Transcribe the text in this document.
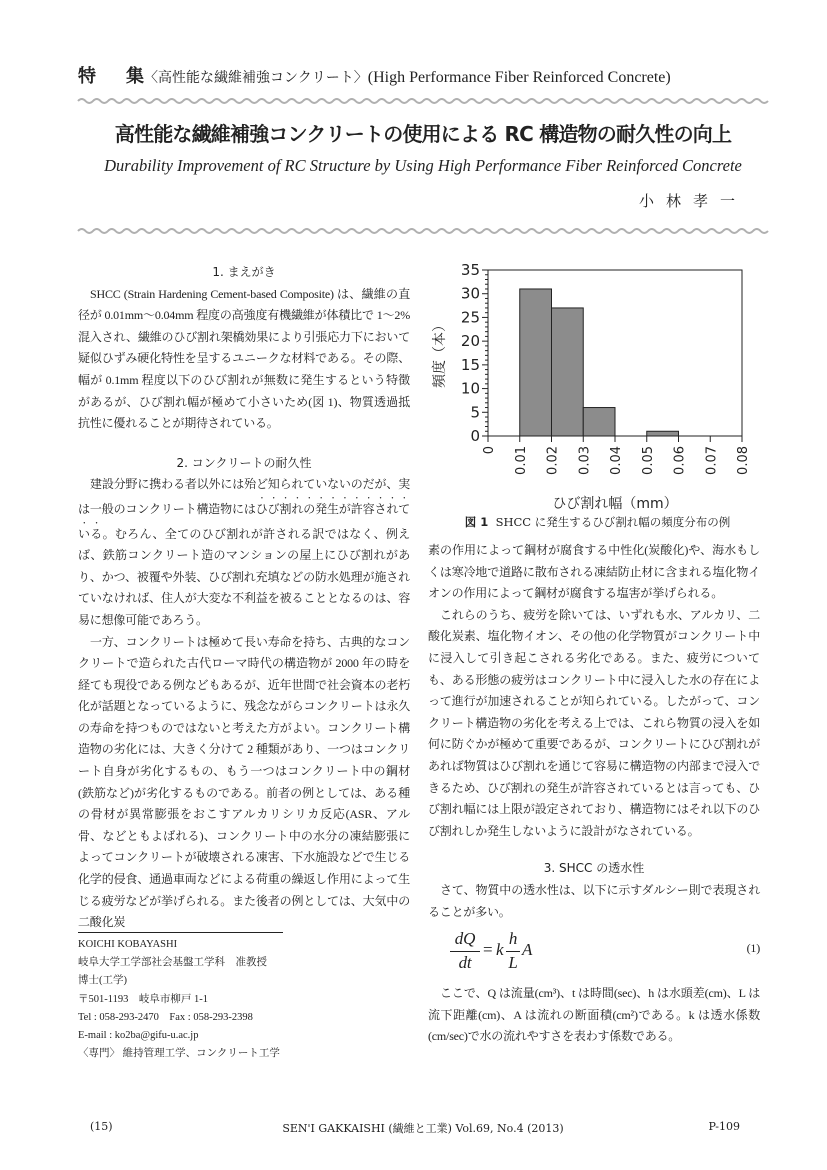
特 集〈高性能な繊維補強コンクリート〉(High Performance Fiber Reinforced Concrete)
高性能な繊維補強コンクリートの使用による RC 構造物の耐久性の向上
Durability Improvement of RC Structure by Using High Performance Fiber Reinforced Concrete
小林孝一

1. まえがき

SHCC (Strain Hardening Cement-based Composite) は、繊維の直径が 0.01mm〜0.04mm 程度の高強度有機繊維が体積比で 1〜2% 混入され、繊維のひび割れ架橋効果により引張応力下において疑似ひずみ硬化特性を呈するユニークな材料である。その際、幅が 0.1mm 程度以下のひび割れが無数に発生するという特徴があるが、ひび割れ幅が極めて小さいため(図 1)、物質透過抵抗性に優れることが期待されている。

2. コンクリートの耐久性

建設分野に携わる者以外には殆ど知られていないのだが、実は一般のコンクリート構造物にはひび割れの発生が許容されている。むろん、全てのひび割れが許される訳ではなく、例えば、鉄筋コンクリート造のマンションの屋上にひび割れがあり、かつ、被覆や外装、ひび割れ充填などの防水処理が施されていなければ、住人が大変な不利益を被ることとなるのは、容易に想像可能であろう。

一方、コンクリートは極めて長い寿命を持ち、古典的なコンクリートで造られた古代ローマ時代の構造物が 2000 年の時を経ても現役である例などもあるが、近年世間で社会資本の老朽化が話題となっているように、残念ながらコンクリートは永久の寿命を持つものではないと考えた方がよい。コンクリート構造物の劣化には、大きく分けて 2 種類があり、一つはコンクリート自身が劣化するもの、もう一つはコンクリート中の鋼材(鉄筋など)が劣化するものである。前者の例としては、ある種の骨材が異常膨張をおこすアルカリシリカ反応(ASR、アル骨、などともよばれる)、コンクリート中の水分の凍結膨張によってコンクリートが破壊される凍害、下水施設などで生じる化学的侵食、通過車両などによる荷重の繰返し作用によって生じる疲労などが挙げられる。また後者の例としては、大気中の二酸化炭

0
5
10
15
20
25
30
35
0 0.01 0.02 0.03 0.04 0.05 0.06 0.07 0.08
ひび割れ幅（mm）
頻度（本）
図 1 SHCC に発生するひび割れ幅の頻度分布の例

素の作用によって鋼材が腐食する中性化(炭酸化)や、海水もしくは寒冷地で道路に散布される凍結防止材に含まれる塩化物イオンの作用によって鋼材が腐食する塩害が挙げられる。

これらのうち、疲労を除いては、いずれも水、アルカリ、二酸化炭素、塩化物イオン、その他の化学物質がコンクリート中に浸入して引き起こされる劣化である。また、疲労についても、ある形態の疲労はコンクリート中に浸入した水の存在によって進行が加速されることが知られている。したがって、コンクリート構造物の劣化を考える上では、これら物質の浸入を如何に防ぐかが極めて重要であるが、コンクリートにひび割れがあれば物質はひび割れを通じて容易に構造物の内部まで浸入できるため、ひび割れの発生が許容されているとは言っても、ひび割れ幅には上限が設定されており、構造物にはそれ以下のひび割れしか発生しないように設計がなされている。

3. SHCC の透水性

さて、物質中の透水性は、以下に示すダルシー則で表現されることが多い。

dQ
dt
= k
h
L
A	(1)

ここで、Q は流量(cm³)、t は時間(sec)、h は水頭差(cm)、L は流下距離(cm)、A は流れの断面積(cm²)である。k は透水係数(cm/sec)で水の流れやすさを表わす係数である。

KOICHI KOBAYASHI
岐阜大学工学部社会基盤工学科　准教授
博士(工学)
〒501-1193　岐阜市柳戸 1-1
Tel : 058-293-2470　Fax : 058-293-2398
E-mail : ko2ba@gifu-u.ac.jp
〈専門〉 維持管理工学、コンクリート工学
(15)	SEN'I GAKKAISHI (繊維と工業) Vol.69, No.4 (2013)	P-109
